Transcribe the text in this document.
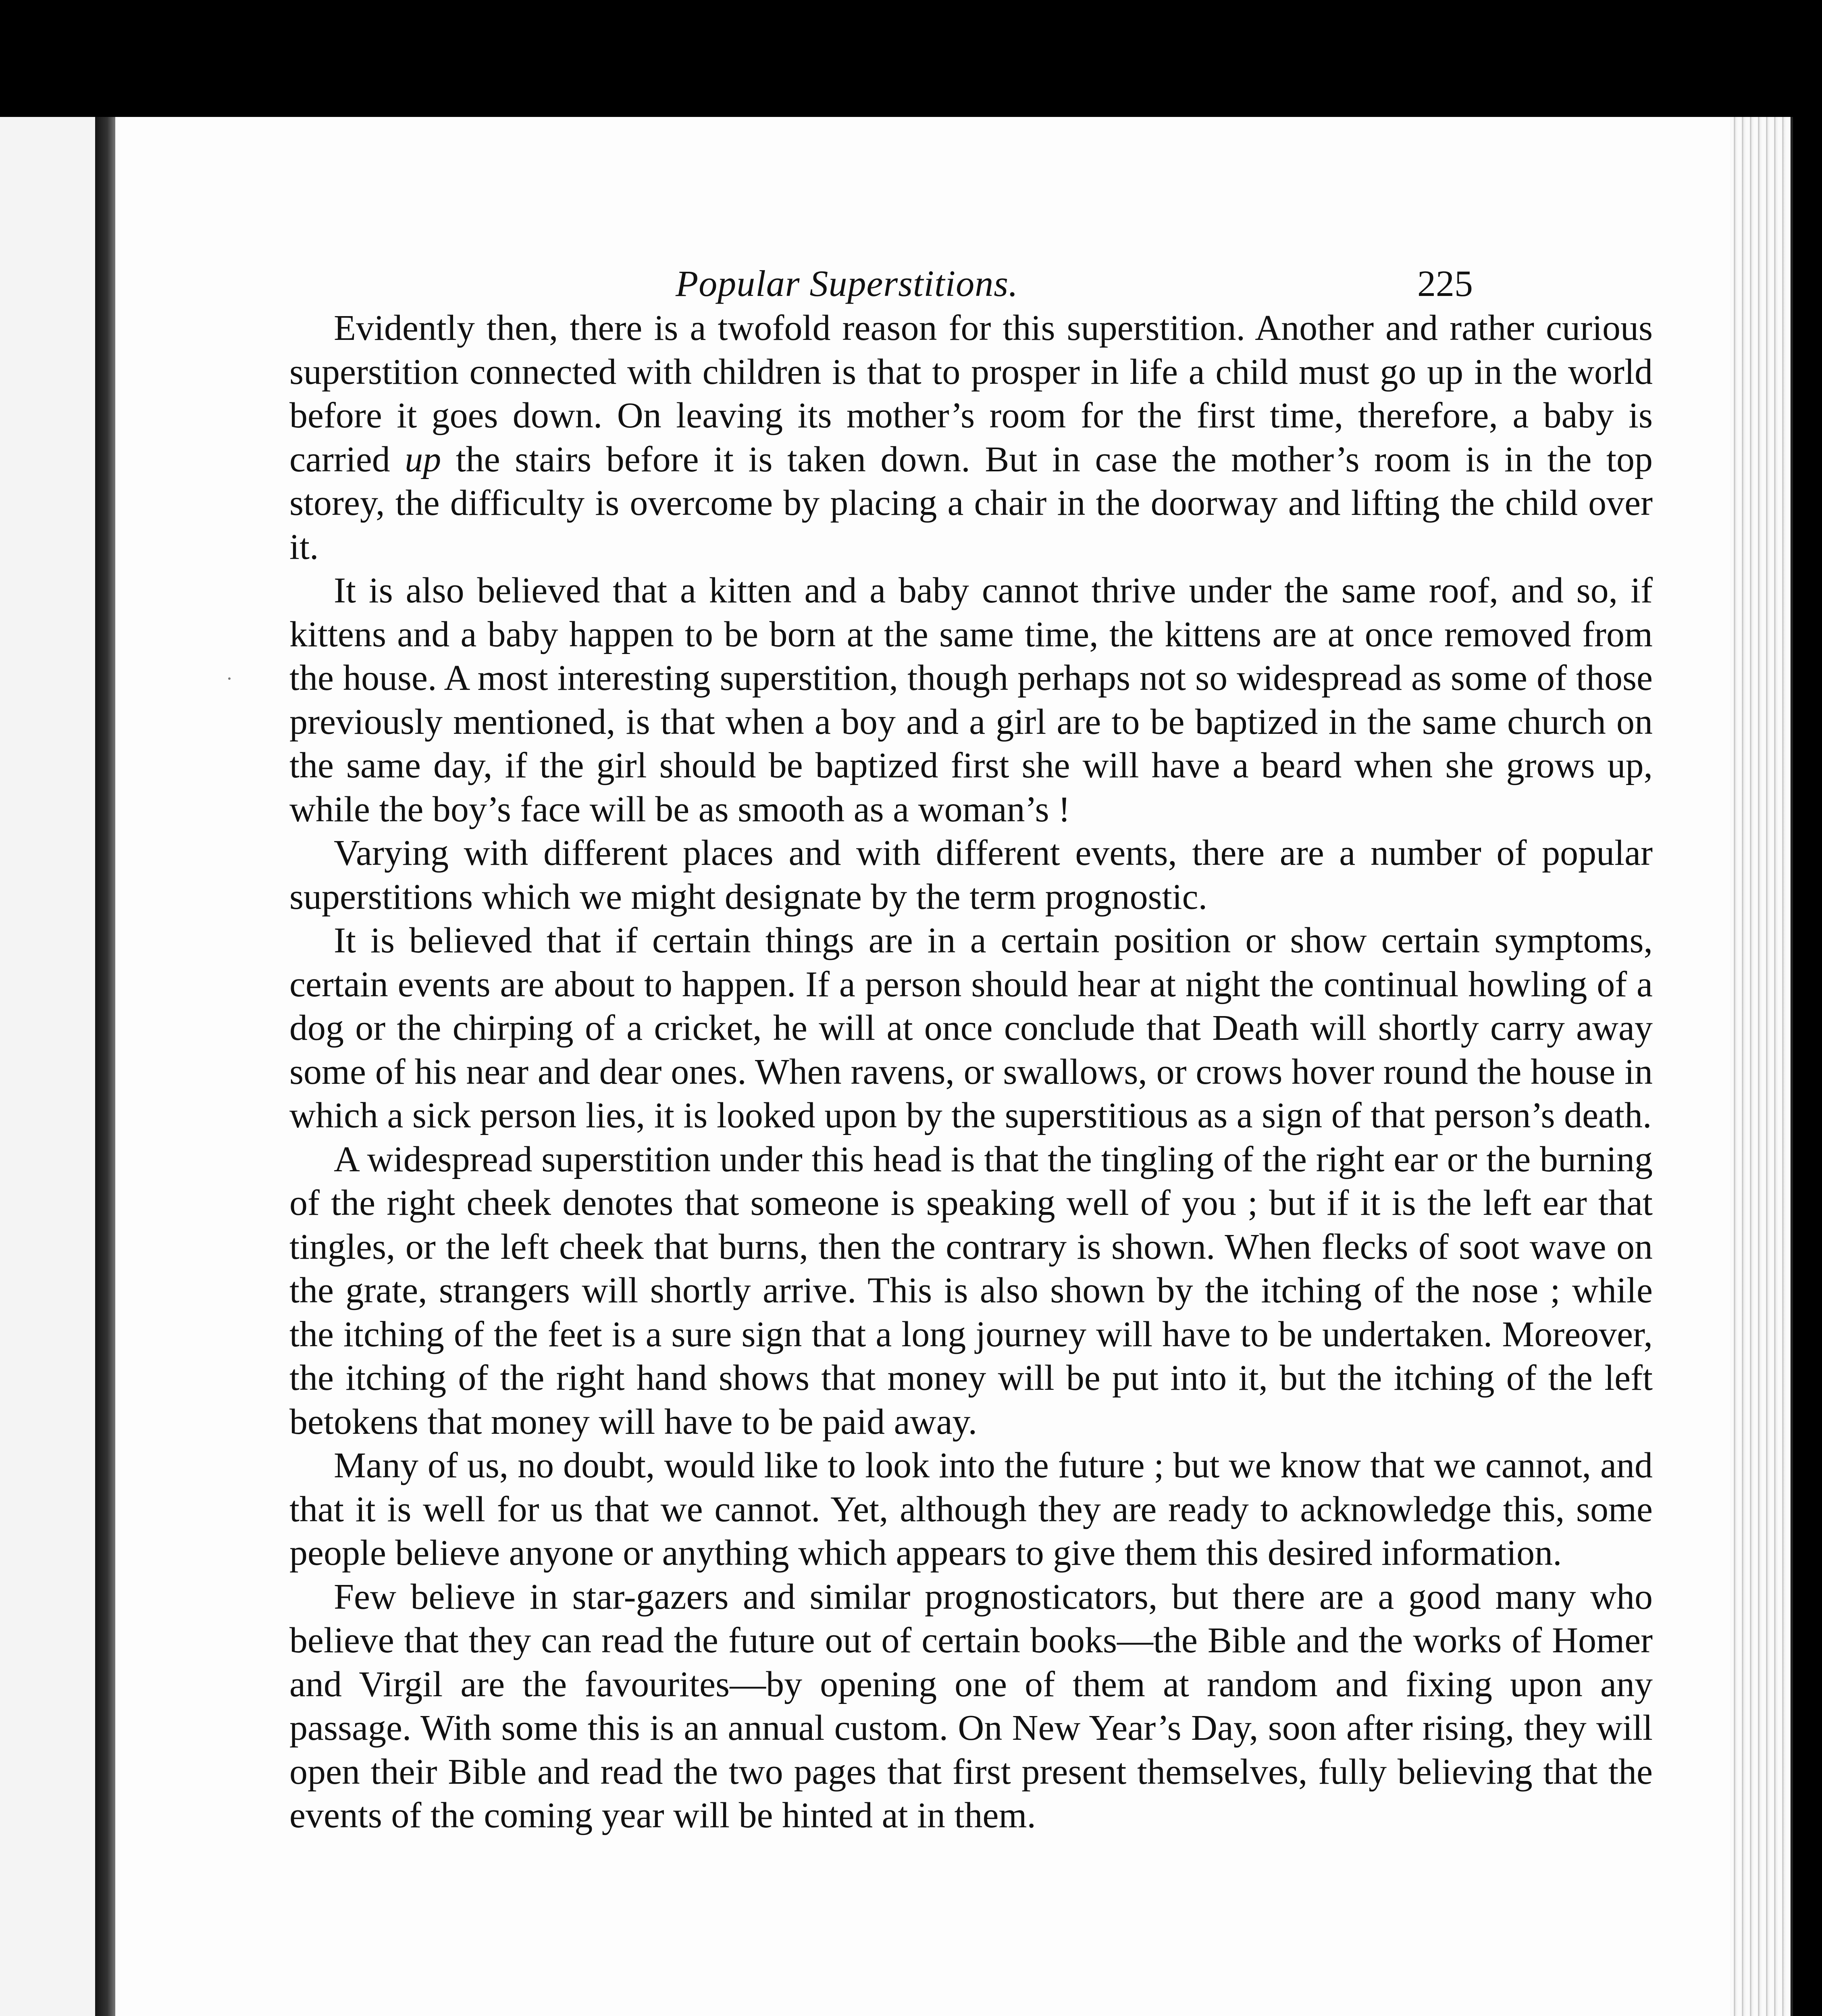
Popular Superstitions.	225

Evidently then, there is a twofold reason for this superstition. Another and rather curious superstition connected with children is that to prosper in life a child must go up in the world before it goes down. On leaving its mother’s room for the first time, therefore, a baby is carried up the stairs before it is taken down. But in case the mother’s room is in the top storey, the difficulty is overcome by placing a chair in the doorway and lifting the child over it.

It is also believed that a kitten and a baby cannot thrive under the same roof, and so, if kittens and a baby happen to be born at the same time, the kittens are at once removed from the house. A most interesting superstition, though perhaps not so widespread as some of those previously mentioned, is that when a boy and a girl are to be baptized in the same church on the same day, if the girl should be baptized first she will have a beard when she grows up, while the boy’s face will be as smooth as a woman’s !

Varying with different places and with different events, there are a number of popular superstitions which we might designate by the term prognostic.

It is believed that if certain things are in a certain position or show certain symptoms, certain events are about to happen. If a person should hear at night the continual howling of a dog or the chirping of a cricket, he will at once conclude that Death will shortly carry away some of his near and dear ones. When ravens, or swallows, or crows hover round the house in which a sick person lies, it is looked upon by the superstitious as a sign of that person’s death.

A widespread superstition under this head is that the tingling of the right ear or the burning of the right cheek denotes that someone is speaking well of you ; but if it is the left ear that tingles, or the left cheek that burns, then the contrary is shown. When flecks of soot wave on the grate, strangers will shortly arrive. This is also shown by the itching of the nose ; while the itching of the feet is a sure sign that a long journey will have to be undertaken. Moreover, the itching of the right hand shows that money will be put into it, but the itching of the left betokens that money will have to be paid away.

Many of us, no doubt, would like to look into the future ; but we know that we cannot, and that it is well for us that we cannot. Yet, although they are ready to acknowledge this, some people believe anyone or anything which appears to give them this desired information.

Few believe in star-gazers and similar prognosticators, but there are a good many who believe that they can read the future out of certain books—the Bible and the works of Homer and Virgil are the favourites—by opening one of them at random and fixing upon any passage. With some this is an annual custom. On New Year’s Day, soon after rising, they will open their Bible and read the two pages that first present themselves, fully believing that the events of the coming year will be hinted at in them.
